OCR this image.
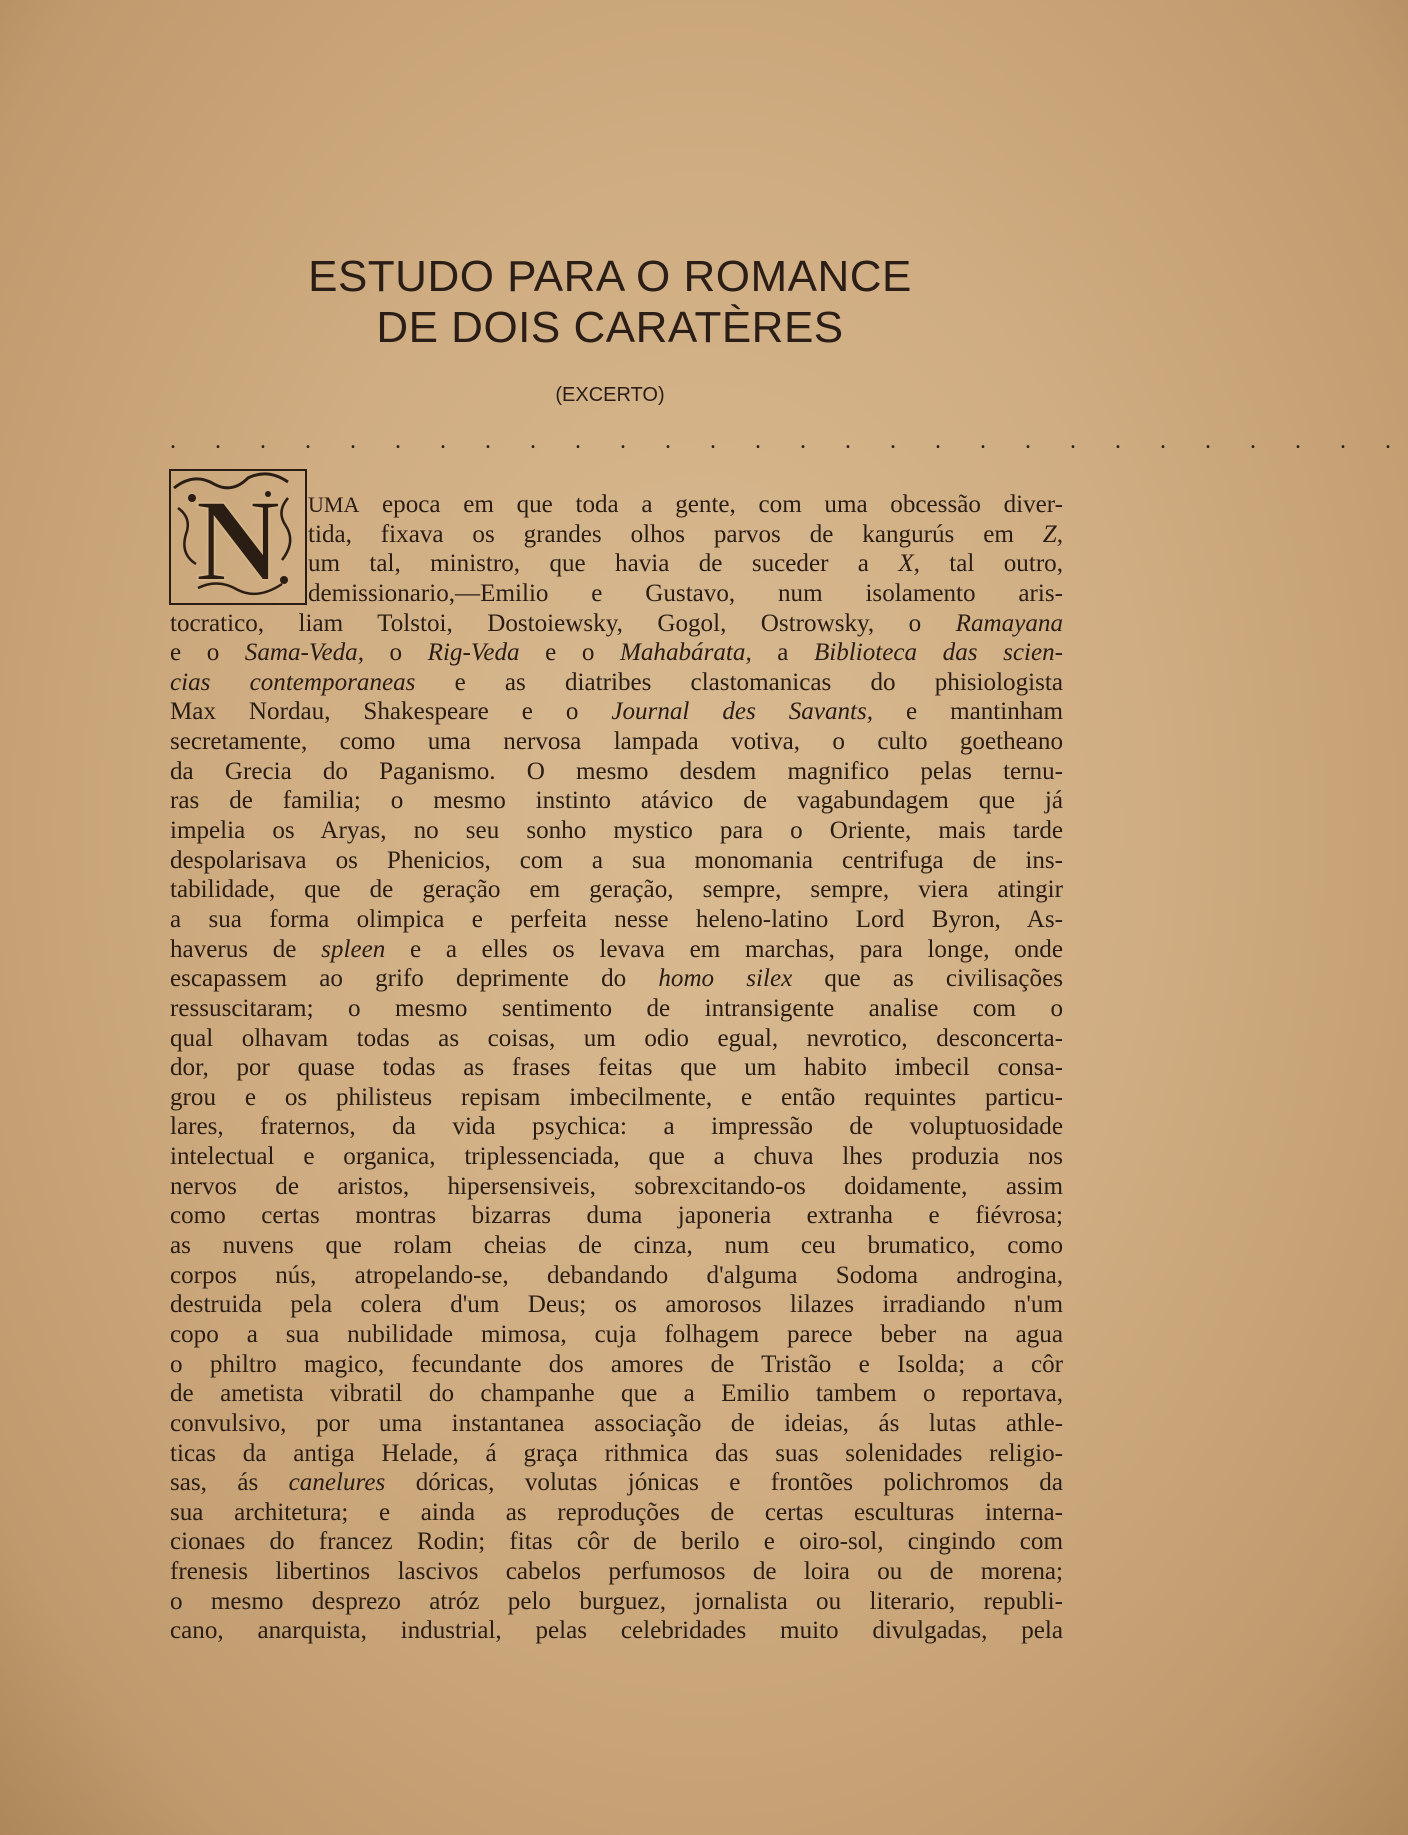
ESTUDO PARA O ROMANCE
DE DOIS CARATÈRES
(EXCERTO)
. . . . . . . . . . . . . . . . . . . . . . . . . . . .
N	UMA epoca em que toda a gente, com uma obcessão diver-
tida, fixava os grandes olhos parvos de kangurús em Z,
um tal, ministro, que havia de suceder a X, tal outro,
demissionario,—Emilio e Gustavo, num isolamento aris-
tocratico, liam Tolstoi, Dostoiewsky, Gogol, Ostrowsky, o Ramayana
e o Sama-Veda, o Rig-Veda e o Mahabárata, a Biblioteca das scien-
cias contemporaneas e as diatribes clastomanicas do phisiologista
Max Nordau, Shakespeare e o Journal des Savants, e mantinham
secretamente, como uma nervosa lampada votiva, o culto goetheano
da Grecia do Paganismo. O mesmo desdem magnifico pelas ternu-
ras de familia; o mesmo instinto atávico de vagabundagem que já
impelia os Aryas, no seu sonho mystico para o Oriente, mais tarde
despolarisava os Phenicios, com a sua monomania centrifuga de ins-
tabilidade, que de geração em geração, sempre, sempre, viera atingir
a sua forma olimpica e perfeita nesse heleno-latino Lord Byron, As-
haverus de spleen e a elles os levava em marchas, para longe, onde
escapassem ao grifo deprimente do homo silex que as civilisações
ressuscitaram; o mesmo sentimento de intransigente analise com o
qual olhavam todas as coisas, um odio egual, nevrotico, desconcerta-
dor, por quase todas as frases feitas que um habito imbecil consa-
grou e os philisteus repisam imbecilmente, e então requintes particu-
lares, fraternos, da vida psychica: a impressão de voluptuosidade
intelectual e organica, triplessenciada, que a chuva lhes produzia nos
nervos de aristos, hipersensiveis, sobrexcitando-os doidamente, assim
como certas montras bizarras duma japoneria extranha e fiévrosa;
as nuvens que rolam cheias de cinza, num ceu brumatico, como
corpos nús, atropelando-se, debandando d'alguma Sodoma androgina,
destruida pela colera d'um Deus; os amorosos lilazes irradiando n'um
copo a sua nubilidade mimosa, cuja folhagem parece beber na agua
o philtro magico, fecundante dos amores de Tristão e Isolda; a côr
de ametista vibratil do champanhe que a Emilio tambem o reportava,
convulsivo, por uma instantanea associação de ideias, ás lutas athle-
ticas da antiga Helade, á graça rithmica das suas solenidades religio-
sas, ás canelures dóricas, volutas jónicas e frontões polichromos da
sua architetura; e ainda as reproduções de certas esculturas interna-
cionaes do francez Rodin; fitas côr de berilo e oiro-sol, cingindo com
frenesis libertinos lascivos cabelos perfumosos de loira ou de morena;
o mesmo desprezo atróz pelo burguez, jornalista ou literario, republi-
cano, anarquista, industrial, pelas celebridades muito divulgadas, pela
